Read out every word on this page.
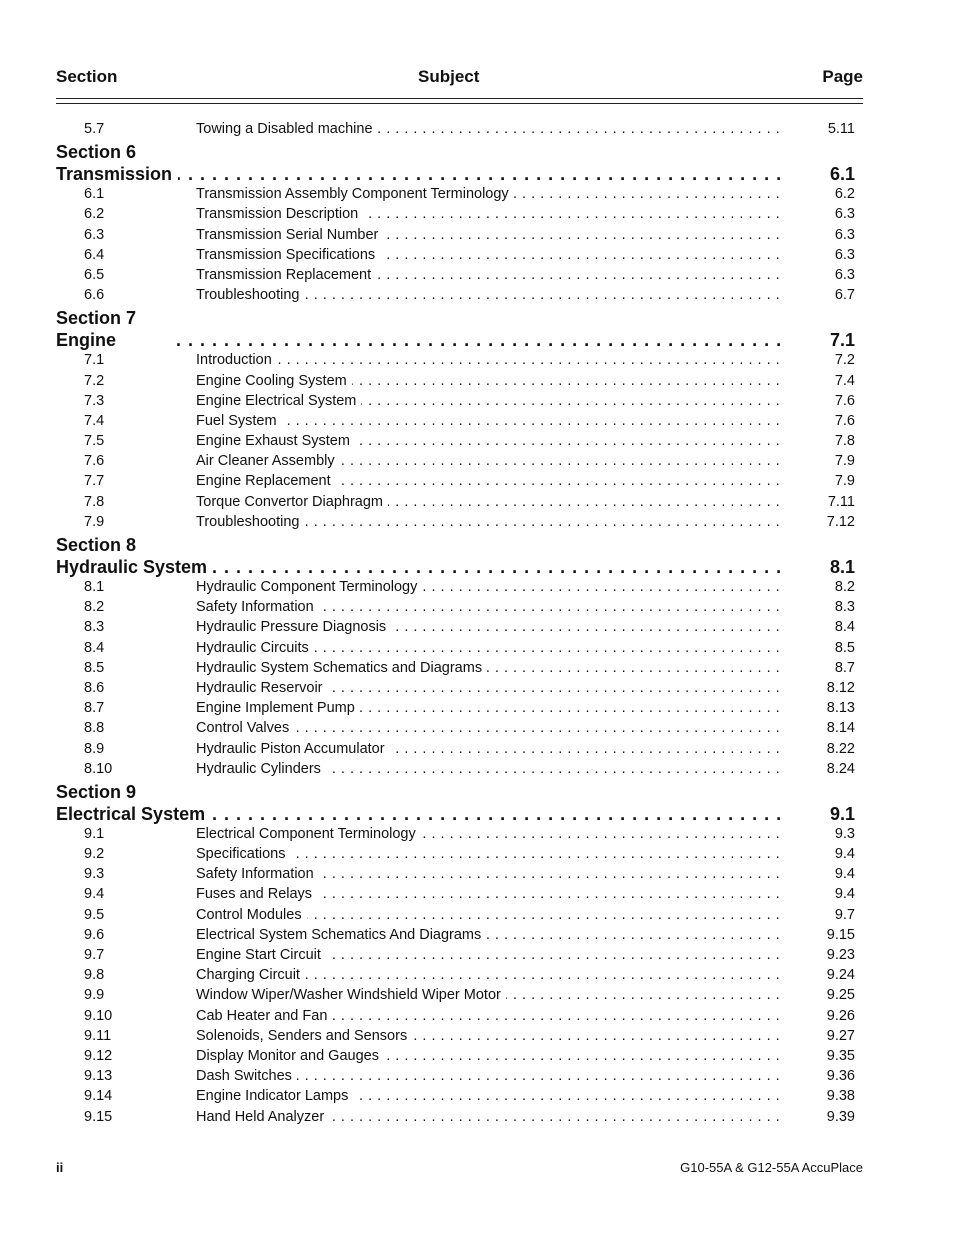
Section	Subject	Page
5.7	Towing a Disabled machine . . .	5.11
Section 6
. . .
Transmission	6.1
6.1	Transmission Assembly Component Terminology . . .	6.2
6.2	Transmission Description . . .	6.3
6.3	Transmission Serial Number . . .	6.3
6.4	Transmission Specifications . . .	6.3
6.5	Transmission Replacement . . .	6.3
6.6	Troubleshooting . . .	6.7
Section 7
. . .
Engine	7.1
7.1	Introduction . . .	7.2
7.2	Engine Cooling System . . .	7.4
7.3	Engine Electrical System . . .	7.6
7.4	Fuel System . . .	7.6
7.5	Engine Exhaust System . . .	7.8
7.6	Air Cleaner Assembly . . .	7.9
7.7	Engine Replacement . . .	7.9
7.8	Torque Convertor Diaphragm . . .	7.11
7.9	Troubleshooting . . .	7.12
Section 8
. . .
Hydraulic System	8.1
8.1	Hydraulic Component Terminology . . .	8.2
8.2	Safety Information . . .	8.3
8.3	Hydraulic Pressure Diagnosis . . .	8.4
8.4	Hydraulic Circuits . . .	8.5
8.5	Hydraulic System Schematics and Diagrams . . .	8.7
8.6	Hydraulic Reservoir . . .	8.12
8.7	Engine Implement Pump . . .	8.13
8.8	Control Valves . . .	8.14
8.9	Hydraulic Piston Accumulator . . .	8.22
8.10	Hydraulic Cylinders . . .	8.24
Section 9
. . .
Electrical System	9.1
9.1	Electrical Component Terminology . . .	9.3
9.2	Specifications . . .	9.4
9.3	Safety Information . . .	9.4
9.4	Fuses and Relays . . .	9.4
9.5	Control Modules . . .	9.7
9.6	Electrical System Schematics And Diagrams . . .	9.15
9.7	Engine Start Circuit . . .	9.23
9.8	Charging Circuit . . .	9.24
9.9	Window Wiper/Washer Windshield Wiper Motor . . .	9.25
9.10	Cab Heater and Fan . . .	9.26
9.11	Solenoids, Senders and Sensors . . .	9.27
9.12	Display Monitor and Gauges . . .	9.35
9.13	Dash Switches . . .	9.36
9.14	Engine Indicator Lamps . . .	9.38
9.15	Hand Held Analyzer . . .	9.39
ii	G10-55A & G12-55A AccuPlace
